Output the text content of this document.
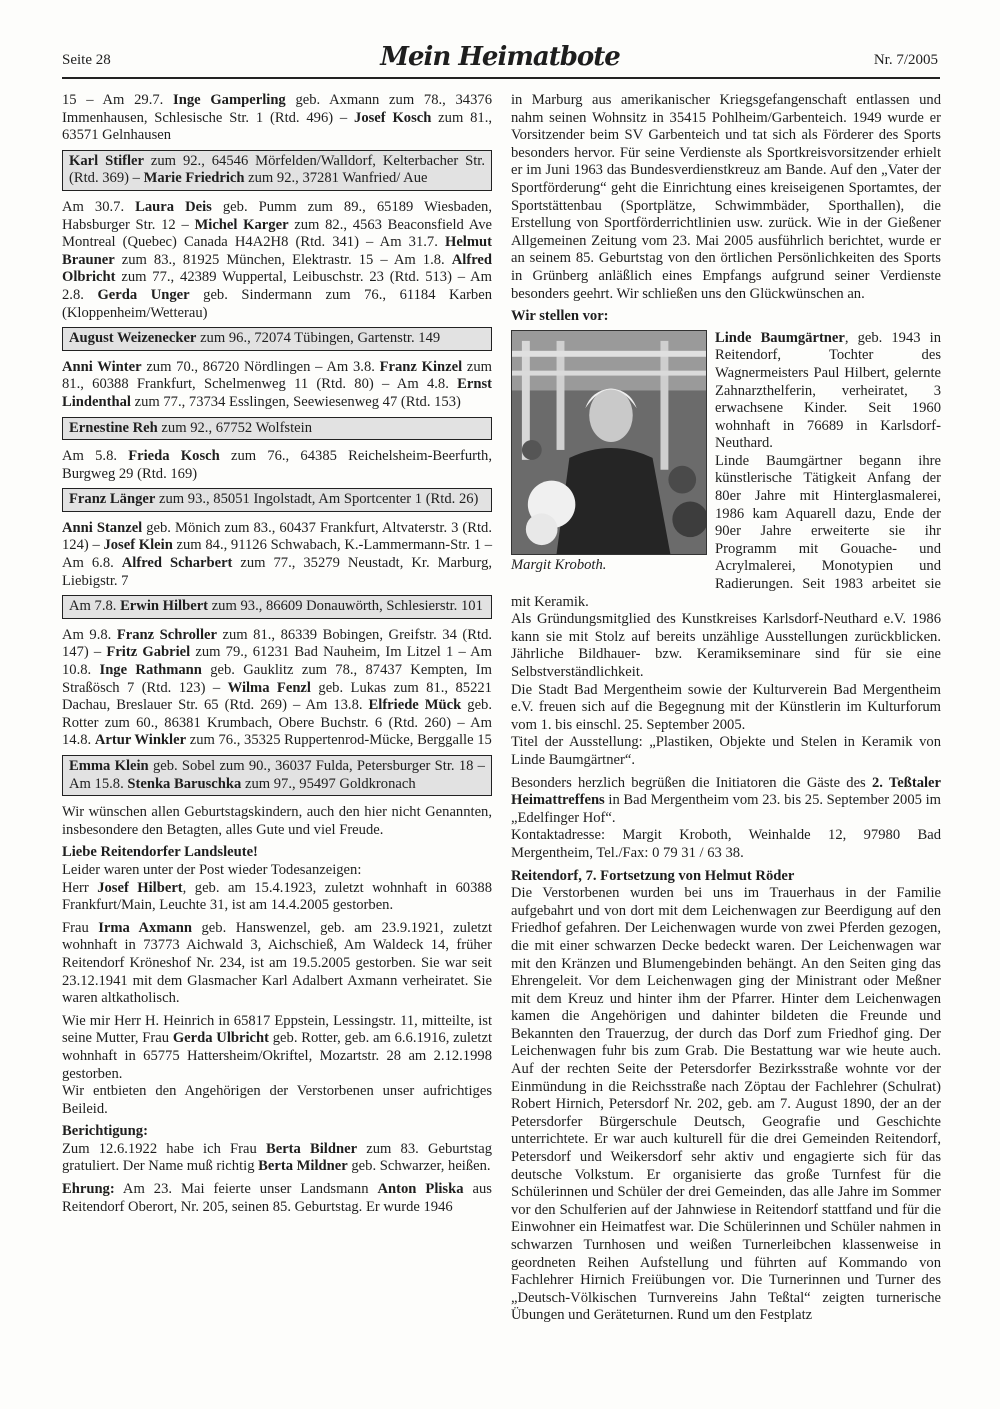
Seite 28	Mein Heimatbote	Nr. 7/2005

15 – Am 29.7. Inge Gamperling geb. Axmann zum 78., 34376 Immenhausen, Schlesische Str. 1 (Rtd. 496) – Josef Kosch zum 81., 63571 Gelnhausen

Karl Stifler zum 92., 64546 Mörfelden/Walldorf, Kelterbacher Str. (Rtd. 369) – Marie Friedrich zum 92., 37281 Wanfried/ Aue

Am 30.7. Laura Deis geb. Pumm zum 89., 65189 Wiesbaden, Habsburger Str. 12 – Michel Karger zum 82., 4563 Beaconsfield Ave Montreal (Quebec) Canada H4A2H8 (Rtd. 341) – Am 31.7. Helmut Brauner zum 83., 81925 München, Elektrastr. 15 – Am 1.8. Alfred Olbricht zum 77., 42389 Wuppertal, Leibuschstr. 23 (Rtd. 513) – Am 2.8. Gerda Unger geb. Sindermann zum 76., 61184 Karben (Kloppenheim/Wetterau)

August Weizenecker zum 96., 72074 Tübingen, Gartenstr. 149

Anni Winter zum 70., 86720 Nördlingen – Am 3.8. Franz Kinzel zum 81., 60388 Frankfurt, Schelmenweg 11 (Rtd. 80) – Am 4.8. Ernst Lindenthal zum 77., 73734 Esslingen, Seewiesenweg 47 (Rtd. 153)

Ernestine Reh zum 92., 67752 Wolfstein

Am 5.8. Frieda Kosch zum 76., 64385 Reichelsheim-Beerfurth, Burgweg 29 (Rtd. 169)

Franz Länger zum 93., 85051 Ingolstadt, Am Sportcenter 1 (Rtd. 26)

Anni Stanzel geb. Mönich zum 83., 60437 Frankfurt, Altvaterstr. 3 (Rtd. 124) – Josef Klein zum 84., 91126 Schwabach, K.-Lammermann-Str. 1 – Am 6.8. Alfred Scharbert zum 77., 35279 Neustadt, Kr. Marburg, Liebigstr. 7

Am 7.8. Erwin Hilbert zum 93., 86609 Donauwörth, Schlesierstr. 101

Am 9.8. Franz Schroller zum 81., 86339 Bobingen, Greifstr. 34 (Rtd. 147) – Fritz Gabriel zum 79., 61231 Bad Nauheim, Im Litzel 1 – Am 10.8. Inge Rathmann geb. Gauklitz zum 78., 87437 Kempten, Im Straßösch 7 (Rtd. 123) – Wilma Fenzl geb. Lukas zum 81., 85221 Dachau, Breslauer Str. 65 (Rtd. 269) – Am 13.8. Elfriede Mück geb. Rotter zum 60., 86381 Krumbach, Obere Buchstr. 6 (Rtd. 260) – Am 14.8. Artur Winkler zum 76., 35325 Ruppertenrod-Mücke, Berggalle 15

Emma Klein geb. Sobel zum 90., 36037 Fulda, Petersburger Str. 18 – Am 15.8. Stenka Baruschka zum 97., 95497 Goldkronach

Wir wünschen allen Geburtstagskindern, auch den hier nicht Genannten, insbesondere den Betagten, alles Gute und viel Freude.

Liebe Reitendorfer Landsleute!

Leider waren unter der Post wieder Todesanzeigen:

Herr Josef Hilbert, geb. am 15.4.1923, zuletzt wohnhaft in 60388 Frankfurt/Main, Leuchte 31, ist am 14.4.2005 gestorben.

Frau Irma Axmann geb. Hanswenzel, geb. am 23.9.1921, zuletzt wohnhaft in 73773 Aichwald 3, Aichschieß, Am Waldeck 14, früher Reitendorf Kröneshof Nr. 234, ist am 19.5.2005 gestorben. Sie war seit 23.12.1941 mit dem Glasmacher Karl Adalbert Axmann verheiratet. Sie waren altkatholisch.

Wie mir Herr H. Heinrich in 65817 Eppstein, Lessingstr. 11, mitteilte, ist seine Mutter, Frau Gerda Ulbricht geb. Rotter, geb. am 6.6.1916, zuletzt wohnhaft in 65775 Hattersheim/Okriftel, Mozartstr. 28 am 2.12.1998 gestorben.

Wir entbieten den Angehörigen der Verstorbenen unser aufrichtiges Beileid.

Berichtigung:

Zum 12.6.1922 habe ich Frau Berta Bildner zum 83. Geburtstag gratuliert. Der Name muß richtig Berta Mildner geb. Schwarzer, heißen.

Ehrung: Am 23. Mai feierte unser Landsmann Anton Pliska aus Reitendorf Oberort, Nr. 205, seinen 85. Geburtstag. Er wurde 1946

in Marburg aus amerikanischer Kriegsgefangenschaft entlassen und nahm seinen Wohnsitz in 35415 Pohlheim/Garbenteich. 1949 wurde er Vorsitzender beim SV Garbenteich und tat sich als Förderer des Sports besonders hervor. Für seine Verdienste als Sportkreisvorsitzender erhielt er im Juni 1963 das Bundesverdienstkreuz am Bande. Auf den „Vater der Sportförderung“ geht die Einrichtung eines kreiseigenen Sportamtes, der Sportstättenbau (Sportplätze, Schwimmbäder, Sporthallen), die Erstellung von Sportförderrichtlinien usw. zurück. Wie in der Gießener Allgemeinen Zeitung vom 23. Mai 2005 ausführlich berichtet, wurde er an seinem 85. Geburtstag von den örtlichen Persönlichkeiten des Sports in Grünberg anläßlich eines Empfangs aufgrund seiner Verdienste besonders geehrt. Wir schließen uns den Glückwünschen an.

Wir stellen vor:
Margit Kroboth.

Linde Baumgärtner, geb. 1943 in Reitendorf, Tochter des Wagnermeisters Paul Hilbert, gelernte Zahnarzthelferin, verheiratet, 3 erwachsene Kinder. Seit 1960 wohnhaft in 76689 in Karlsdorf-Neuthard.

Linde Baumgärtner begann ihre künstlerische Tätigkeit Anfang der 80er Jahre mit Hinterglasmalerei, 1986 kam Aquarell dazu, Ende der 90er Jahre erweiterte sie ihr Programm mit Gouache- und Acrylmalerei, Monotypien und Radierungen. Seit 1983 arbeitet sie mit Keramik.

Als Gründungsmitglied des Kunstkreises Karlsdorf-Neuthard e.V. 1986 kann sie mit Stolz auf bereits unzählige Ausstellungen zurückblicken. Jährliche Bildhauer- bzw. Keramikseminare sind für sie eine Selbstverständlichkeit.

Die Stadt Bad Mergentheim sowie der Kulturverein Bad Mergentheim e.V. freuen sich auf die Begegnung mit der Künstlerin im Kulturforum vom 1. bis einschl. 25. September 2005.

Titel der Ausstellung: „Plastiken, Objekte und Stelen in Keramik von Linde Baumgärtner“.

Besonders herzlich begrüßen die Initiatoren die Gäste des 2. Teßtaler Heimattreffens in Bad Mergentheim vom 23. bis 25. September 2005 im „Edelfinger Hof“.

Kontaktadresse: Margit Kroboth, Weinhalde 12, 97980 Bad Mergentheim, Tel./Fax: 0 79 31 / 63 38.

Reitendorf, 7. Fortsetzung von Helmut Röder

Die Verstorbenen wurden bei uns im Trauerhaus in der Familie aufgebahrt und von dort mit dem Leichenwagen zur Beerdigung auf den Friedhof gefahren. Der Leichenwagen wurde von zwei Pferden gezogen, die mit einer schwarzen Decke bedeckt waren. Der Leichenwagen war mit den Kränzen und Blumengebinden behängt. An den Seiten ging das Ehrengeleit. Vor dem Leichenwagen ging der Ministrant oder Meßner mit dem Kreuz und hinter ihm der Pfarrer. Hinter dem Leichenwagen kamen die Angehörigen und dahinter bildeten die Freunde und Bekannten den Trauerzug, der durch das Dorf zum Friedhof ging. Der Leichenwagen fuhr bis zum Grab. Die Bestattung war wie heute auch. Auf der rechten Seite der Petersdorfer Bezirksstraße wohnte vor der Einmündung in die Reichsstraße nach Zöptau der Fachlehrer (Schulrat) Robert Hirnich, Petersdorf Nr. 202, geb. am 7. August 1890, der an der Petersdorfer Bürgerschule Deutsch, Geografie und Geschichte unterrichtete. Er war auch kulturell für die drei Gemeinden Reitendorf, Petersdorf und Weikersdorf sehr aktiv und engagierte sich für das deutsche Volkstum. Er organisierte das große Turnfest für die Schülerinnen und Schüler der drei Gemeinden, das alle Jahre im Sommer vor den Schulferien auf der Jahnwiese in Reitendorf stattfand und für die Einwohner ein Heimatfest war. Die Schülerinnen und Schüler nahmen in schwarzen Turnhosen und weißen Turnerleibchen klassenweise in geordneten Reihen Aufstellung und führten auf Kommando von Fachlehrer Hirnich Freiübungen vor. Die Turnerinnen und Turner des „Deutsch-Völkischen Turnvereins Jahn Teßtal“ zeigten turnerische Übungen und Geräteturnen. Rund um den Festplatz
